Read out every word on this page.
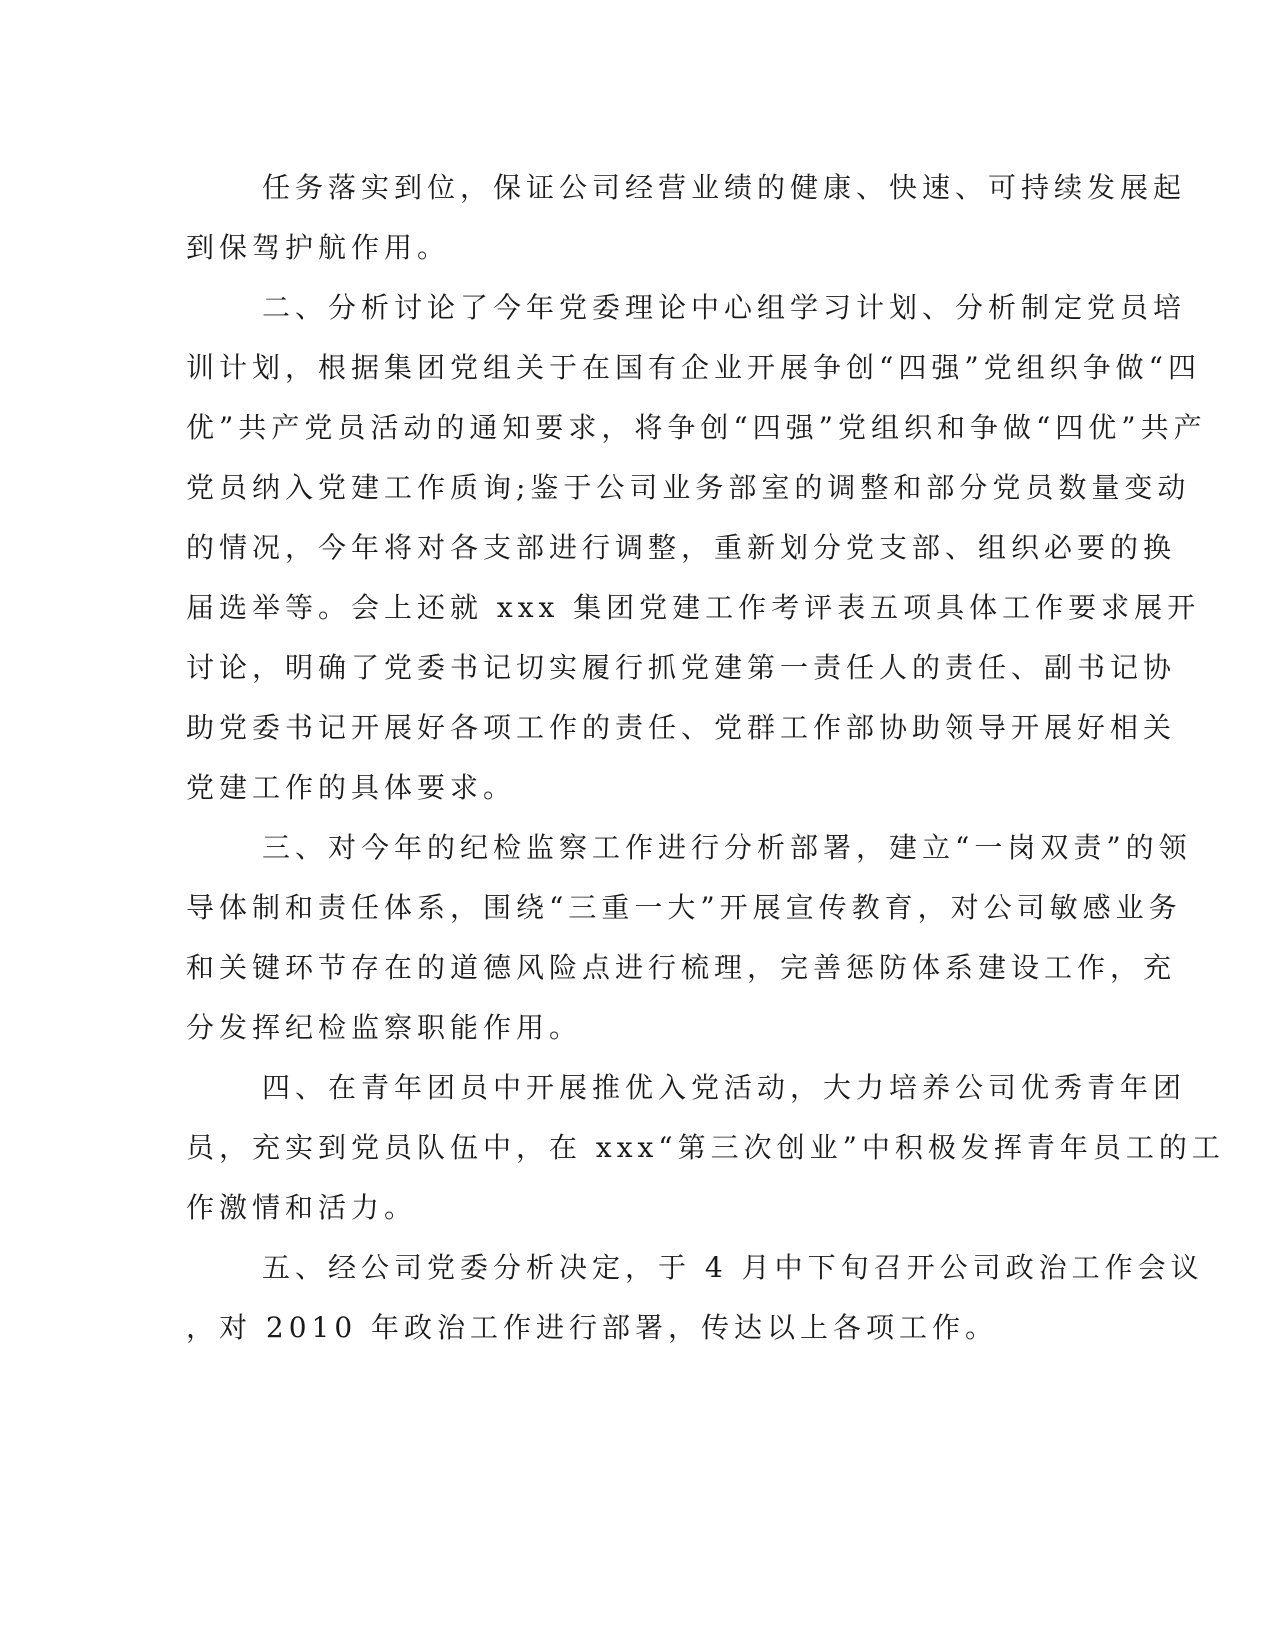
任务落实到位，保证公司经营业绩的健康、快速、可持续发展起
到保驾护航作用。
二、分析讨论了今年党委理论中心组学习计划、分析制定党员培
训计划，根据集团党组关于在国有企业开展争创“四强”党组织争做“四
优”共产党员活动的通知要求，将争创“四强”党组织和争做“四优”共产
党员纳入党建工作质询;鉴于公司业务部室的调整和部分党员数量变动
的情况，今年将对各支部进行调整，重新划分党支部、组织必要的换
届选举等。会上还就 xxx 集团党建工作考评表五项具体工作要求展开
讨论，明确了党委书记切实履行抓党建第一责任人的责任、副书记协
助党委书记开展好各项工作的责任、党群工作部协助领导开展好相关
党建工作的具体要求。
三、对今年的纪检监察工作进行分析部署，建立“一岗双责”的领
导体制和责任体系，围绕“三重一大”开展宣传教育，对公司敏感业务
和关键环节存在的道德风险点进行梳理，完善惩防体系建设工作，充
分发挥纪检监察职能作用。
四、在青年团员中开展推优入党活动，大力培养公司优秀青年团
员，充实到党员队伍中，在 xxx“第三次创业”中积极发挥青年员工的工
作激情和活力。
五、经公司党委分析决定，于 4 月中下旬召开公司政治工作会议
，对 2010 年政治工作进行部署，传达以上各项工作。
